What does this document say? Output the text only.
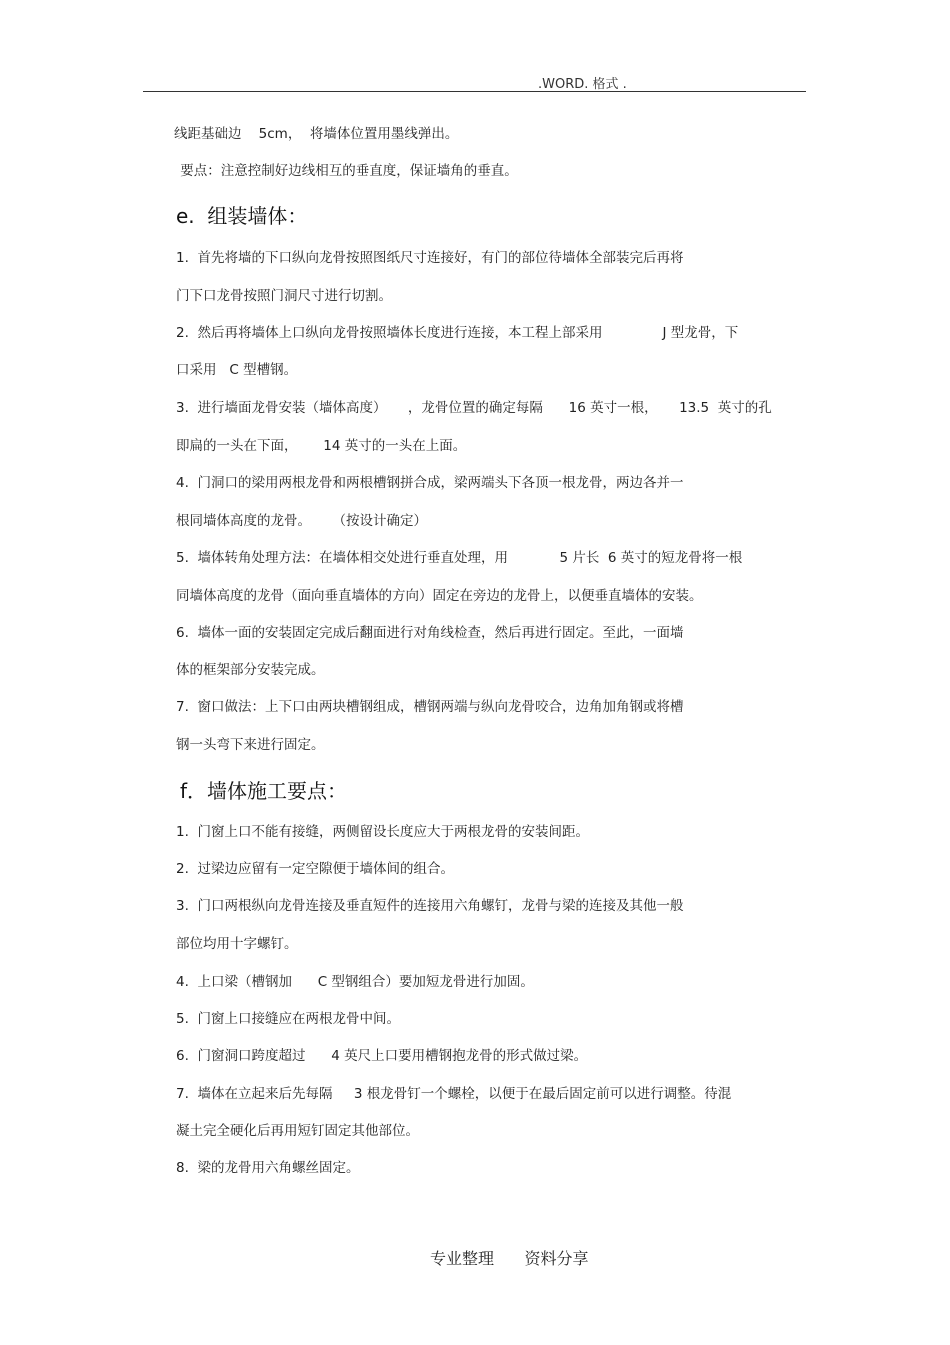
.WORD. 格式 .
线距基础边    5cm，  将墙体位置用墨线弹出。
要点：注意控制好边线相互的垂直度，保证墙角的垂直。
e.  组装墙体：
1.  首先将墙的下口纵向龙骨按照图纸尺寸连接好，有门的部位待墙体全部装完后再将
门下口龙骨按照门洞尺寸进行切割。
2.  然后再将墙体上口纵向龙骨按照墙体长度进行连接，本工程上部采用              J 型龙骨，下
口采用   C 型槽钢。
3.  进行墙面龙骨安装（墙体高度）     ，龙骨位置的确定每隔      16 英寸一根，     13.5  英寸的孔
即扁的一头在下面，      14 英寸的一头在上面。
4.  门洞口的梁用两根龙骨和两根槽钢拼合成，梁两端头下各顶一根龙骨，两边各并一
根同墙体高度的龙骨。     （按设计确定）
5.  墙体转角处理方法：在墙体相交处进行垂直处理，用            5 片长  6 英寸的短龙骨将一根
同墙体高度的龙骨（面向垂直墙体的方向）固定在旁边的龙骨上，以便垂直墙体的安装。
6.  墙体一面的安装固定完成后翻面进行对角线检查，然后再进行固定。至此，一面墙
体的框架部分安装完成。
7.  窗口做法：上下口由两块槽钢组成，槽钢两端与纵向龙骨咬合，边角加角钢或将槽
钢一头弯下来进行固定。
f．墙体施工要点：
1.  门窗上口不能有接缝，两侧留设长度应大于两根龙骨的安装间距。
2.  过梁边应留有一定空隙便于墙体间的组合。
3.  门口两根纵向龙骨连接及垂直短件的连接用六角螺钉，龙骨与梁的连接及其他一般
部位均用十字螺钉。
4.  上口梁（槽钢加      C 型钢组合）要加短龙骨进行加固。
5.  门窗上口接缝应在两根龙骨中间。
6.  门窗洞口跨度超过      4 英尺上口要用槽钢抱龙骨的形式做过梁。
7.  墙体在立起来后先每隔     3 根龙骨钉一个螺栓，以便于在最后固定前可以进行调整。待混
凝土完全硬化后再用短钉固定其他部位。
8.  梁的龙骨用六角螺丝固定。
专业整理      资料分享
